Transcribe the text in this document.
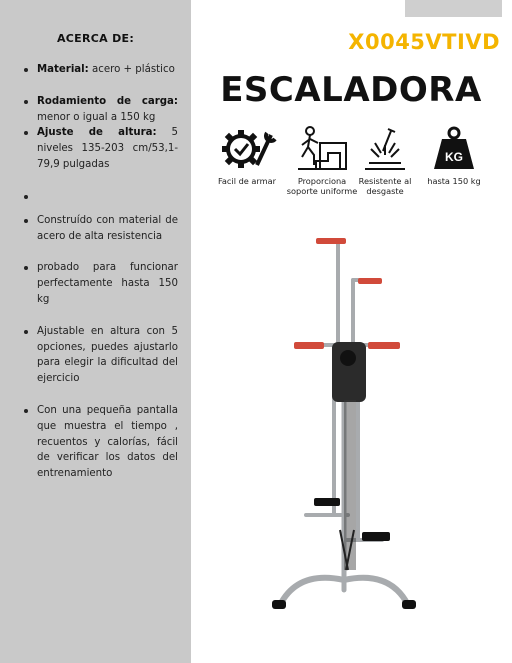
ACERCA DE:
Material: acero + plástico
Rodamiento de carga: menor o igual a 150 kg
Ajuste de altura: 5 niveles 135-203 cm/53,1-79,9 pulgadas
Construído con material de acero de alta resistencia
probado para funcionar perfectamente hasta 150 kg
Ajustable en altura con 5 opciones, puedes ajustarlo para elegir la dificultad del ejercicio
Con una pequeña pantalla que muestra el tiempo , recuentos y calorías, fácil de verificar los datos del entrenamiento
X0045VTIVD
ESCALADORA
Facil de armar	Proporciona soporte uniforme
Resistente al desgaste
KG
hasta 150 kg
